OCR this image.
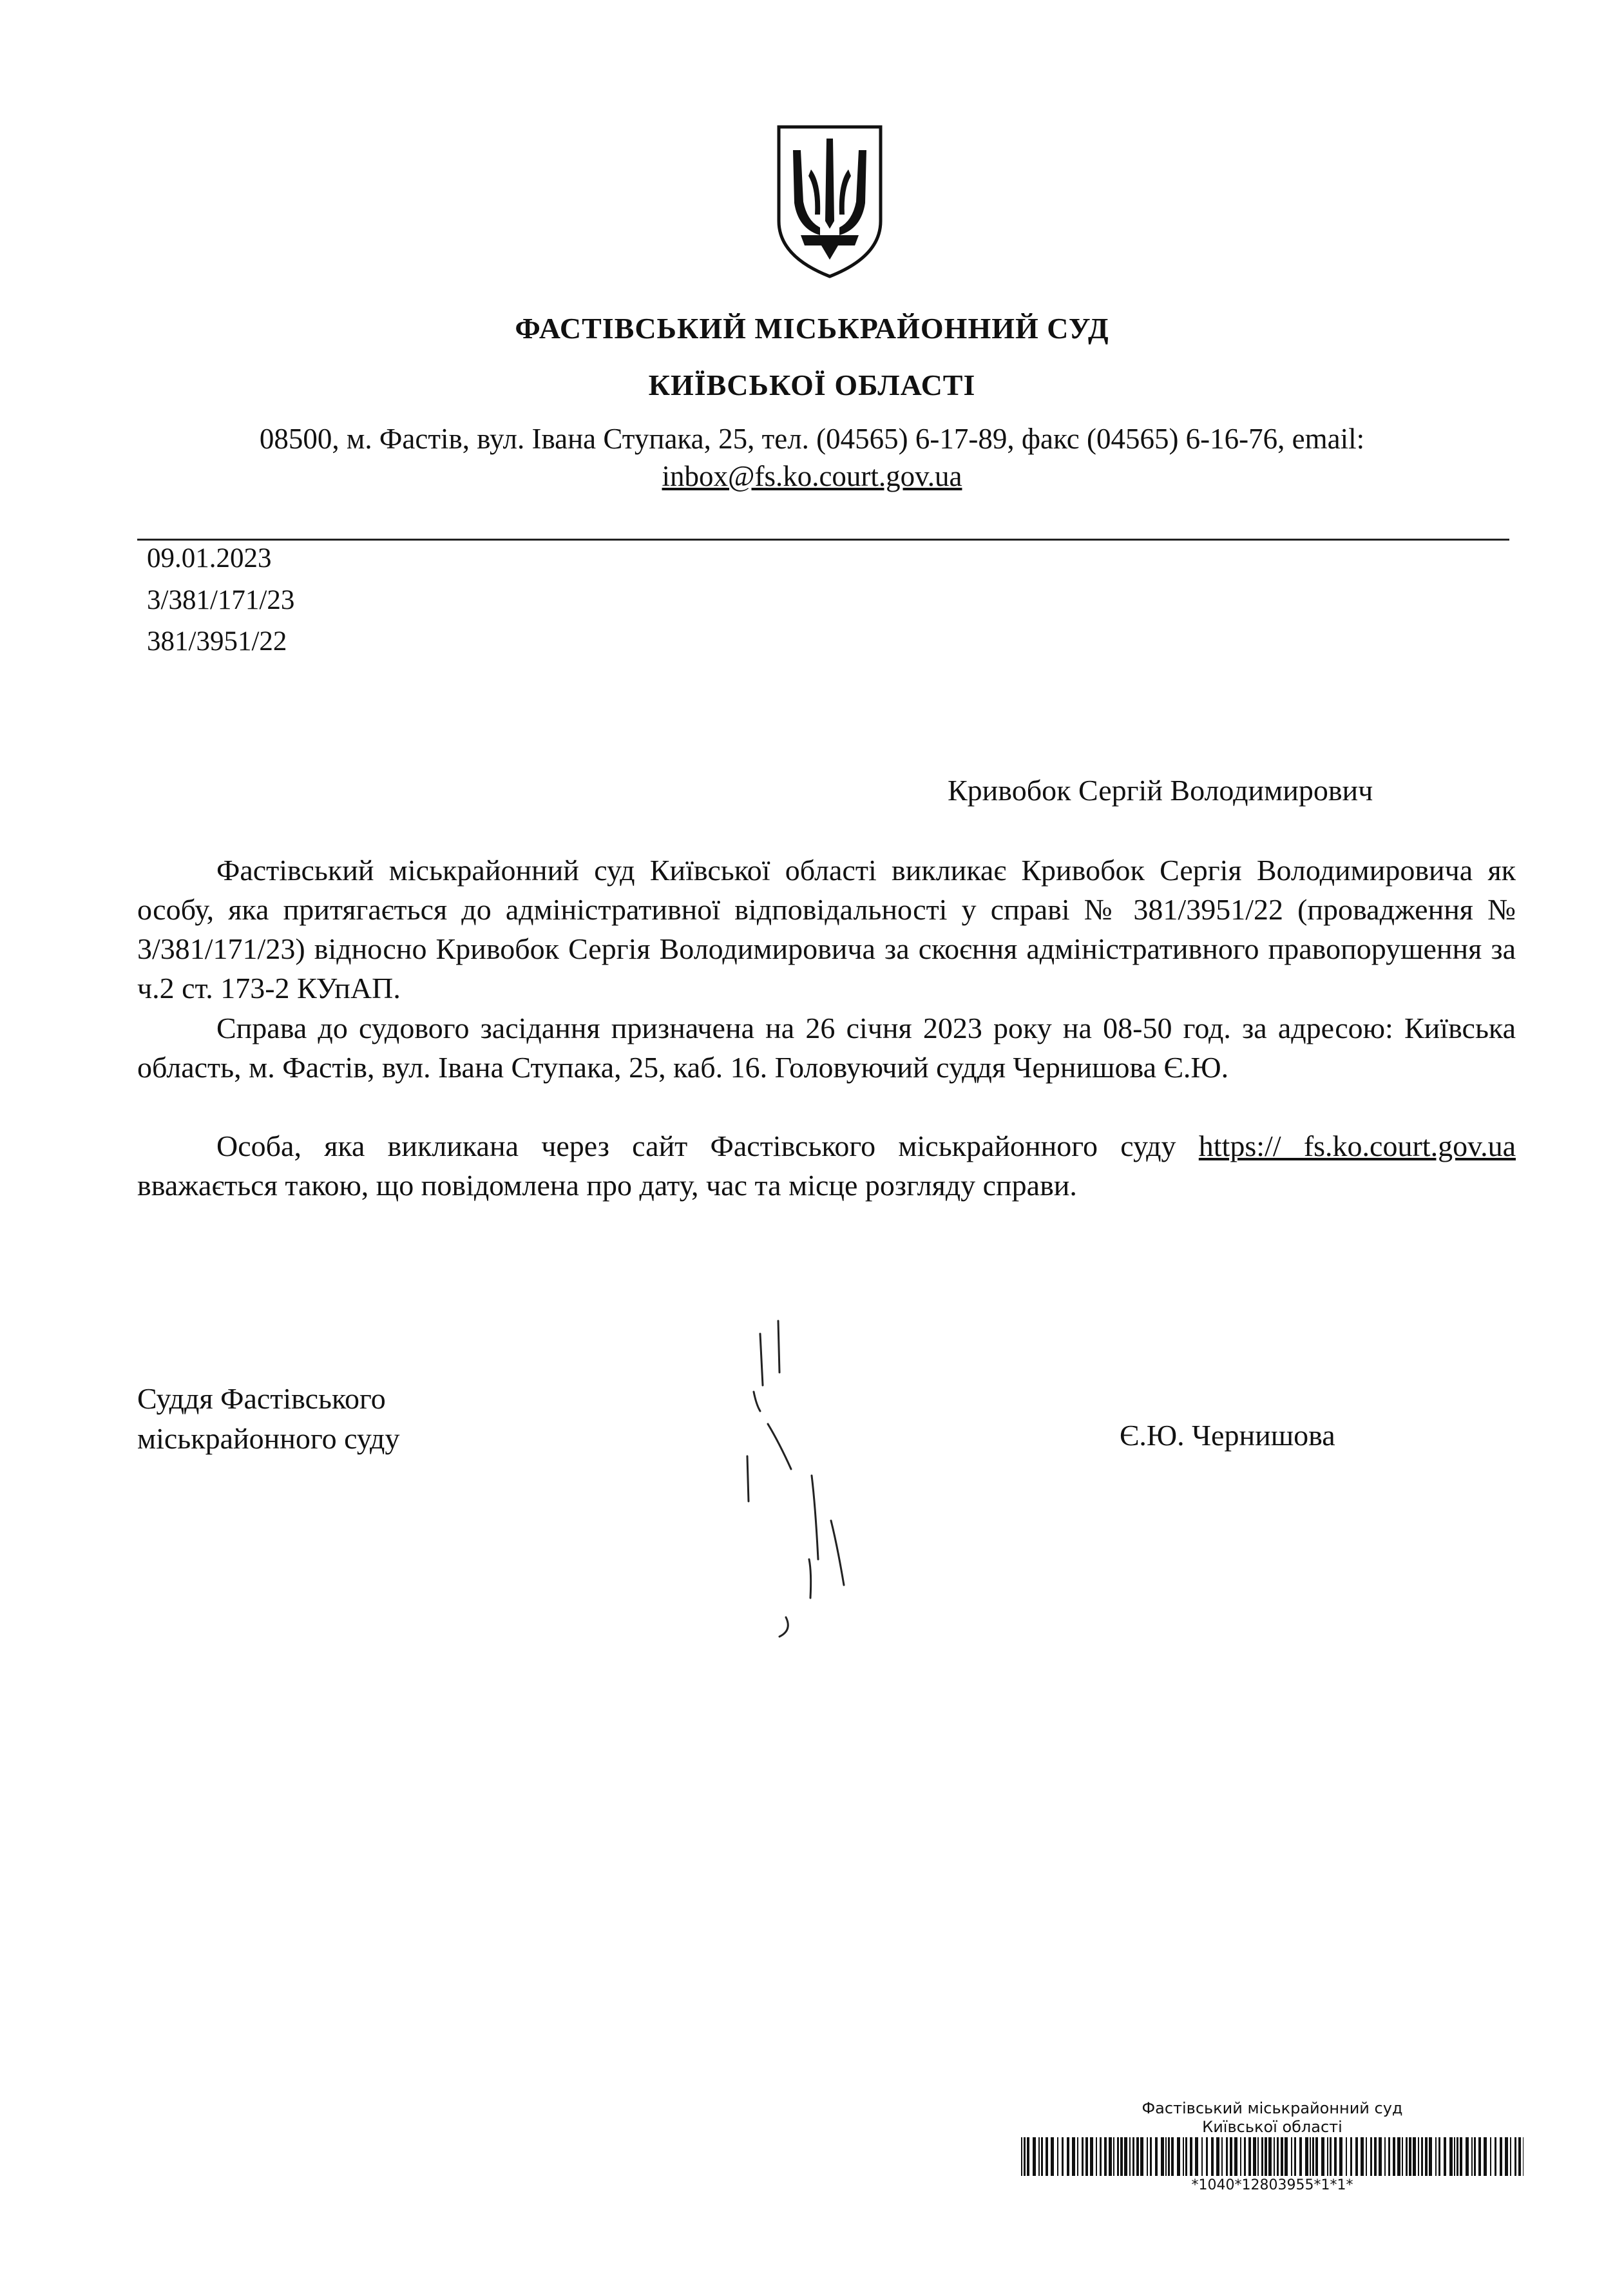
ФАСТІВСЬКИЙ МІСЬКРАЙОННИЙ СУД
КИЇВСЬКОЇ ОБЛАСТІ
08500, м. Фастів, вул. Івана Ступака, 25, тел. (04565) 6-17-89, факс (04565) 6-16-76, email:
inbox@fs.ko.court.gov.ua
09.01.2023
3/381/171/23
381/3951/22
Кривобок Сергій Володимирович
Фастівський міськрайонний суд Київської області викликає Кривобок Сергія Володимировича як особу, яка притягається до адміністративної відповідальності у справі № 381/3951/22 (провадження № 3/381/171/23) відносно Кривобок Сергія Володимировича за скоєння адміністративного правопорушення за ч.2 ст. 173-2 КУпАП.
Справа до судового засідання призначена на 26 січня 2023 року на 08-50 год. за адресою: Київська область, м. Фастів, вул. Івана Ступака, 25, каб. 16. Головуючий суддя Чернишова Є.Ю.
Особа, яка викликана через сайт Фастівського міськрайонного суду https:// fs.ko.court.gov.ua вважається такою, що повідомлена про дату, час та місце розгляду справи.
Суддя Фастівського
міськрайонного суду	Є.Ю. Чернишова
Фастівський міськрайонний суд
Київської області
*1040*12803955*1*1*
